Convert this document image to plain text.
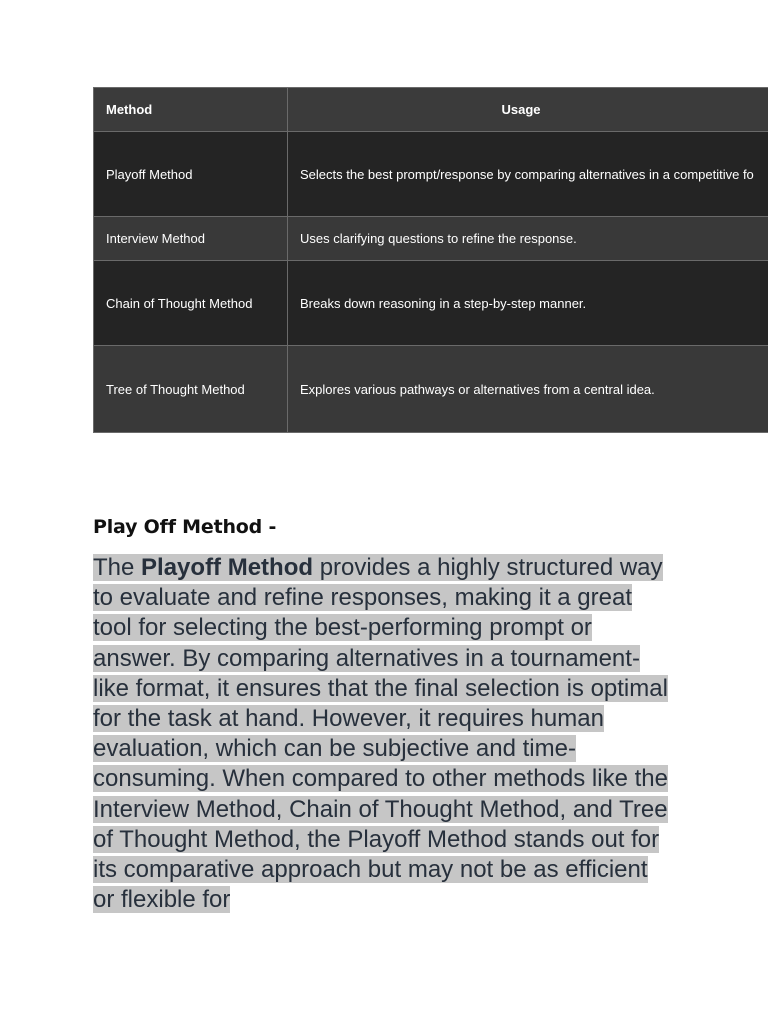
Method	Usage
Playoff Method	Selects the best prompt/response by comparing alternatives in a competitive fo
Interview Method	Uses clarifying questions to refine the response.
Chain of Thought Method	Breaks down reasoning in a step-by-step manner.
Tree of Thought Method	Explores various pathways or alternatives from a central idea.
Play Off Method -

The Playoff Method provides a highly structured way to evaluate and refine responses, making it a great tool for selecting the best-performing prompt or answer. By comparing alternatives in a tournament-like format, it ensures that the final selection is optimal for the task at hand. However, it requires human evaluation, which can be subjective and time-consuming. When compared to other methods like the Interview Method, Chain of Thought Method, and Tree of Thought Method, the Playoff Method stands out for its comparative approach but may not be as efficient or flexible for
